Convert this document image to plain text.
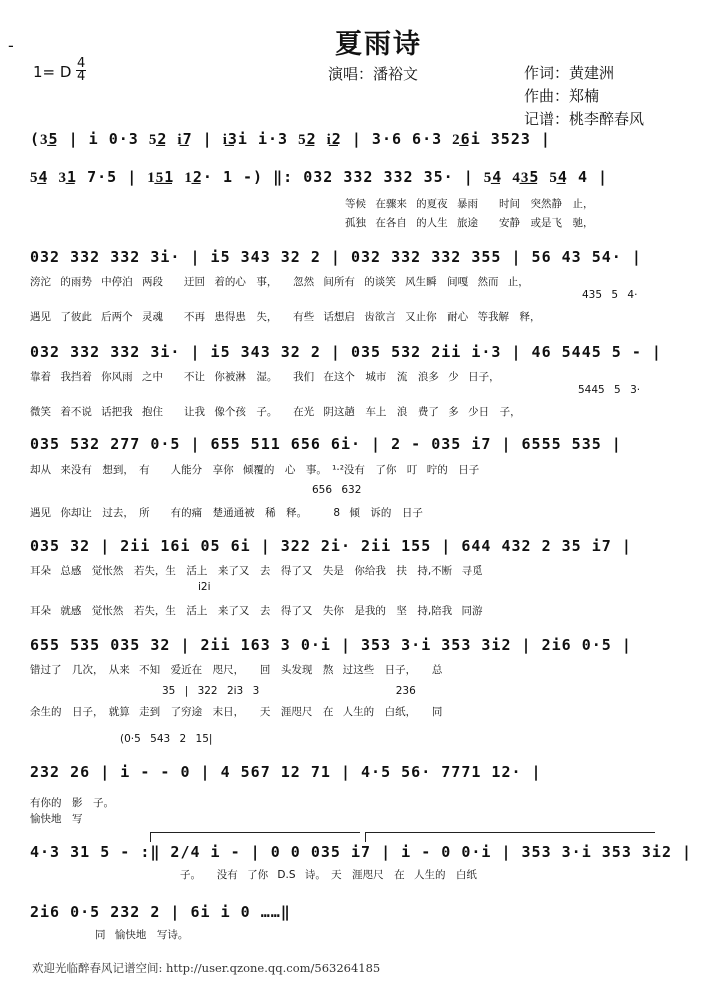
-	夏雨诗
1= D $\frac{4}{4}$	演唱：潘裕文	作词：黄建洲
作曲：郑楠
记谱：桃李醉春风
(3͟5 | i 0·3 5͟2 i͟7 | i͟3i i·3 5͟2 i͟2 | 3·6 6·3 2͟6i 3523 |
5͟4 3͟1 7·5 | 1͟5͟1 1͟2· 1 -) ‖: 032 332 332 35· | 5͟4 4͟3͟5 5͟4 4 |
032 332 332 3i· | i5 343 32 2 | 032 332 332 355 | 56 43 54· |
032 332 332 3i· | i5 343 32 2 | 035 532 2ii i·3 | 46 5445 5 - |
035 532 277 0·5 | 655 511 656 6i· | 2 - 035 i7 | 6555 535 |
035 32 | 2ii 16i 05 6i | 322 2i· 2ii 155 | 644 432 2 35 i7 |
655 535 035 32 | 2ii 163 3 0·i | 353 3·i 353 3i2 | 2i6 0·5 |
232 26 | i - - 0 | 4 567 12 71 | 4·5 56· 7771 12· |
4·3 31 5 - :‖ 2/4 i - | 0 0 035 i7 | i - 0 0·i | 353 3·i 353 3i2 |
2i6 0·5 232 2 | 6i i 0 ……‖
等候 在骤来 的夏夜 暴雨　　时间　突然静　止，
孤独 在各自 的人生 旅途　　安静　或是飞　驰，
滂沱 的雨势 中停泊 两段　　迂回 着的心　事，　　忽然 间所有 的谈笑 风生瞬　间嘎 然而 止，
435 5 4·
遇见 了彼此 后两个 灵魂　　不再 患得患　失，　　有些 话想启 齿欲言 又止你　耐心 等我解　释，
靠着 我挡着 你风雨 之中　　不让 你被淋　湿。　　我们 在这个　城市　流　浪多 少 日子，
5445 5 3·
微笑 着不说 话把我 抱住　　让我 像个孩　子。　　在光 阴这趟　车上　浪　费了 多 少日　子，
却从 来没有　想到，　有　　人能分　享你 倾覆的　心　事。　¹·²没有　了你　叮 咛的　日子
656 632
遇见 你却让　过去，　所　　有的痛　楚通通被　稀　释。　　　8 倾　诉的　日子
耳朵 总感　觉怅然　若失，生　活上　来了又　去　得了又　失是　你给我　扶　持,不断 寻觅
i2i
耳朵 就感　觉怅然　若失，生　活上　来了又　去　得了又　失你　是我的　坚　持,陪我 同游
错过了　几次，　从来 不知　爱近在　咫尺，　　回　头发现　熬 过这些　日子，　　总
35 | 322 2i3 3　　　　　　　　　　　　　236
余生的　日子，　就算 走到　了穷途　末日，　　天　涯咫尺　在 人生的　白纸，　　同
(0·5 543 2 15|
有你的　影　子。
愉快地　写
子。　　没有 了你 D.S 诗。　天　涯咫尺　在 人生的　白纸
同 愉快地　写诗。
欢迎光临醉春风记谱空间: http://user.qzone.qq.com/563264185
